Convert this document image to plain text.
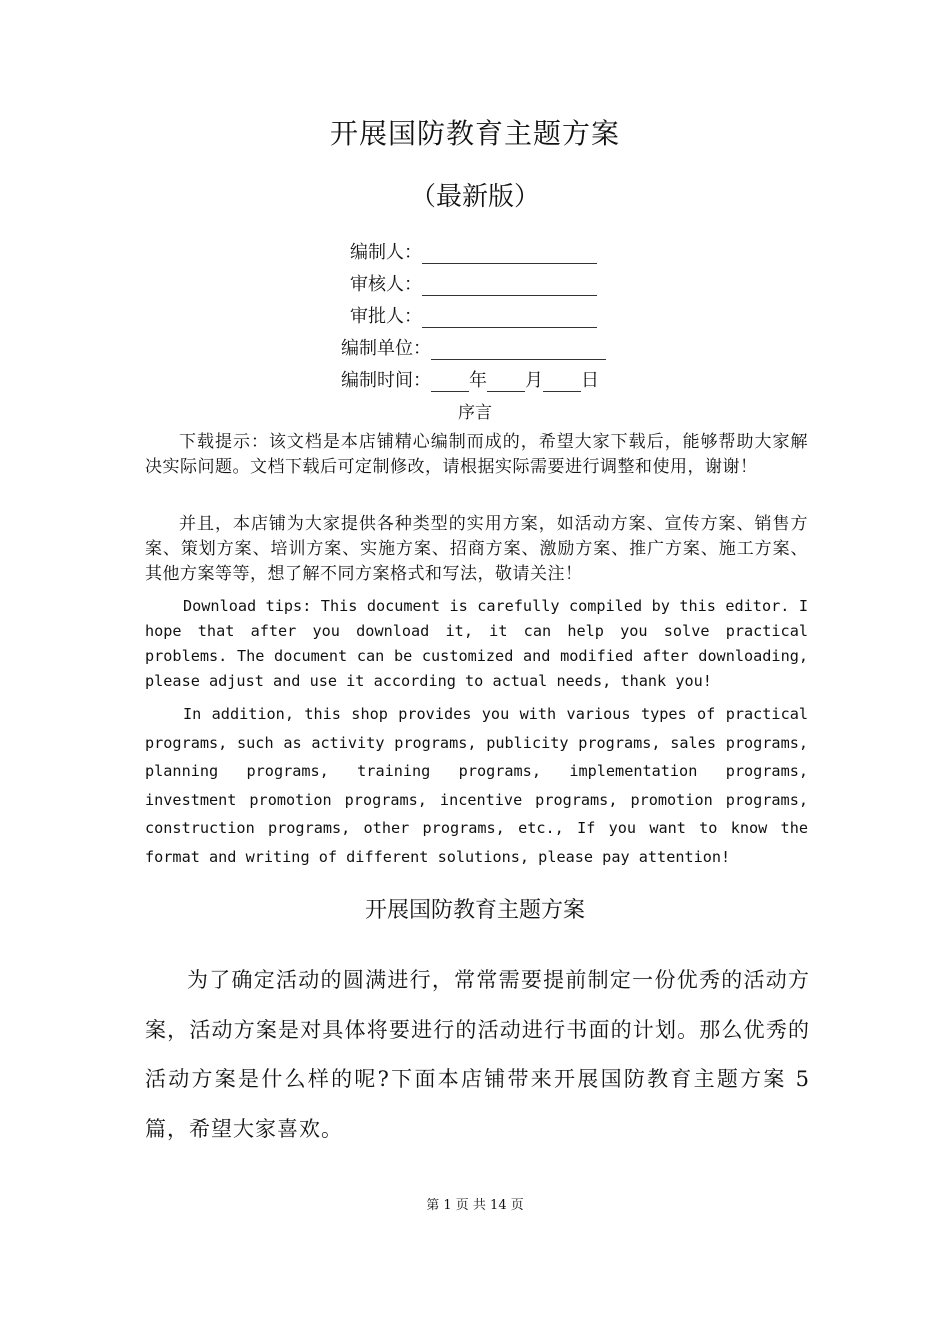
开展国防教育主题方案
（最新版）
编制人：
审核人：
审批人：
编制单位：
编制时间： 年 月 日
序言
下载提示：该文档是本店铺精心编制而成的，希望大家下载后，能够帮助大家解决实际问题。文档下载后可定制修改，请根据实际需要进行调整和使用，谢谢！
并且，本店铺为大家提供各种类型的实用方案，如活动方案、宣传方案、销售方案、策划方案、培训方案、实施方案、招商方案、激励方案、推广方案、施工方案、其他方案等等，想了解不同方案格式和写法，敬请关注！
Download tips: This document is carefully compiled by this editor. I hope that after you download it, it can help you solve practical problems. The document can be customized and modified after downloading, please adjust and use it according to actual needs, thank you!
In addition, this shop provides you with various types of practical programs, such as activity programs, publicity programs, sales programs, planning programs, training programs, implementation programs, investment promotion programs, incentive programs, promotion programs, construction programs, other programs, etc., If you want to know the format and writing of different solutions, please pay attention!
开展国防教育主题方案
为了确定活动的圆满进行，常常需要提前制定一份优秀的活动方案，活动方案是对具体将要进行的活动进行书面的计划。那么优秀的活动方案是什么样的呢?下面本店铺带来开展国防教育主题方案 5篇，希望大家喜欢。
第 1 页 共 14 页
